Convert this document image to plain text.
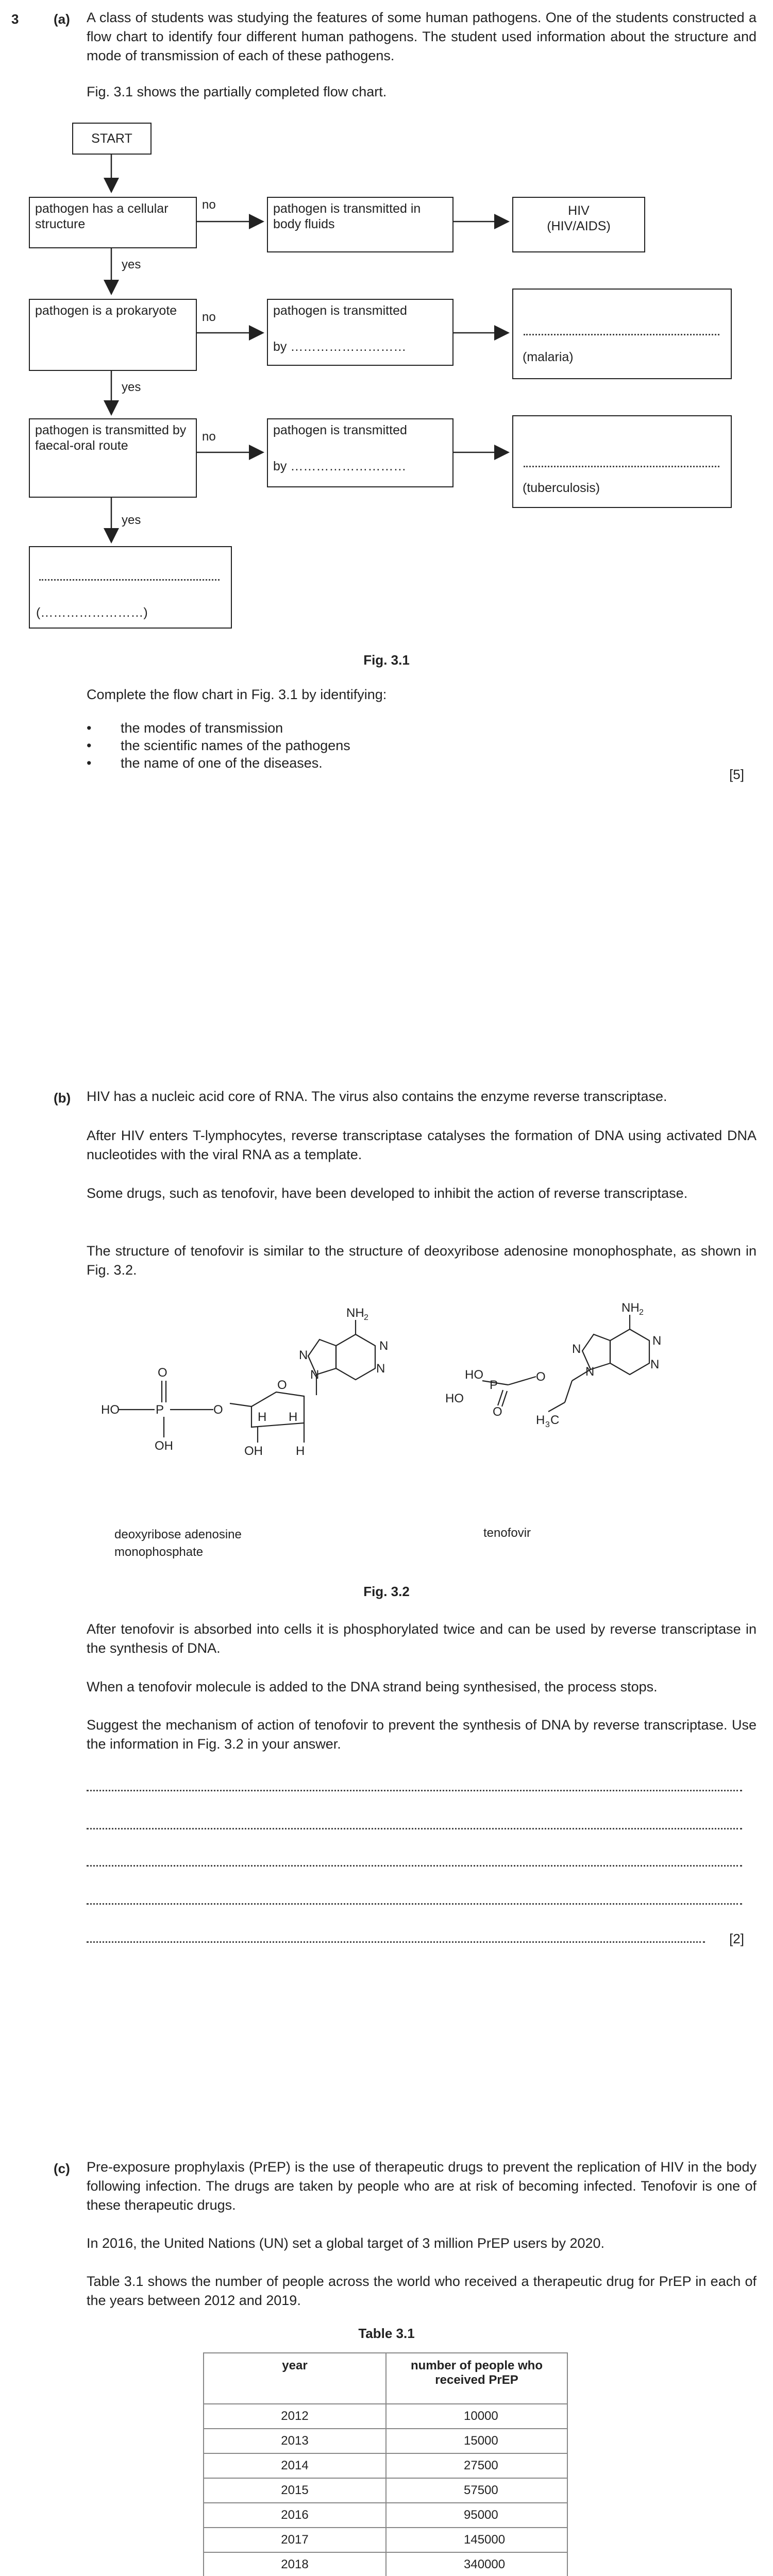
3	(a) A class of students was studying the features of some human pathogens. One of the students constructed a flow chart to identify four different human pathogens. The student used information about the structure and mode of transmission of each of these pathogens.

Fig. 3.1 shows the partially completed flow chart.

START
pathogen has a cellular structure
pathogen is a prokaryote
pathogen is transmitted by faecal-oral route
pathogen is transmitted in body fluids
pathogen is transmitted
by ………………………
pathogen is transmitted
by ………………………
HIV
(HIV/AIDS)
(malaria)
(tuberculosis)
(……………………)
yes
yes
yes
no
no
no
Fig. 3.1

Complete the flow chart in Fig. 3.1 by identifying:

• the modes of transmission
• the scientific names of the pathogens
• the name of one of the diseases.
[5]
(b) HIV has a nucleic acid core of RNA. The virus also contains the enzyme reverse transcriptase.

After HIV enters T-lymphocytes, reverse transcriptase catalyses the formation of DNA using activated DNA nucleotides with the viral RNA as a template.

Some drugs, such as tenofovir, have been developed to inhibit the action of reverse transcriptase.

The structure of tenofovir is similar to the structure of deoxyribose adenosine monophosphate, as shown in Fig. 3.2.

NH 2
N
N
N
N
O
HO	P	O
OH
O
H H
OH	H
NH 2
N
N
N
N
O
H 3 C
HO
P
HO
O
deoxyribose adenosine
monophosphate
tenofovir
Fig. 3.2

After tenofovir is absorbed into cells it is phosphorylated twice and can be used by reverse transcriptase in the synthesis of DNA.

When a tenofovir molecule is added to the DNA strand being synthesised, the process stops.

Suggest the mechanism of action of tenofovir to prevent the synthesis of DNA by reverse transcriptase. Use the information in Fig. 3.2 in your answer.

[2]
(c) Pre-exposure prophylaxis (PrEP) is the use of therapeutic drugs to prevent the replication of HIV in the body following infection. The drugs are taken by people who are at risk of becoming infected. Tenofovir is one of these therapeutic drugs.

In 2016, the United Nations (UN) set a global target of 3 million PrEP users by 2020.

Table 3.1 shows the number of people across the world who received a therapeutic drug for PrEP in each of the years between 2012 and 2019.

Table 3.1
year	number of people who received PrEP
2012	10000
2013	15000
2014	27500
2015	57500
2016	95000
2017	145000
2018	340000
